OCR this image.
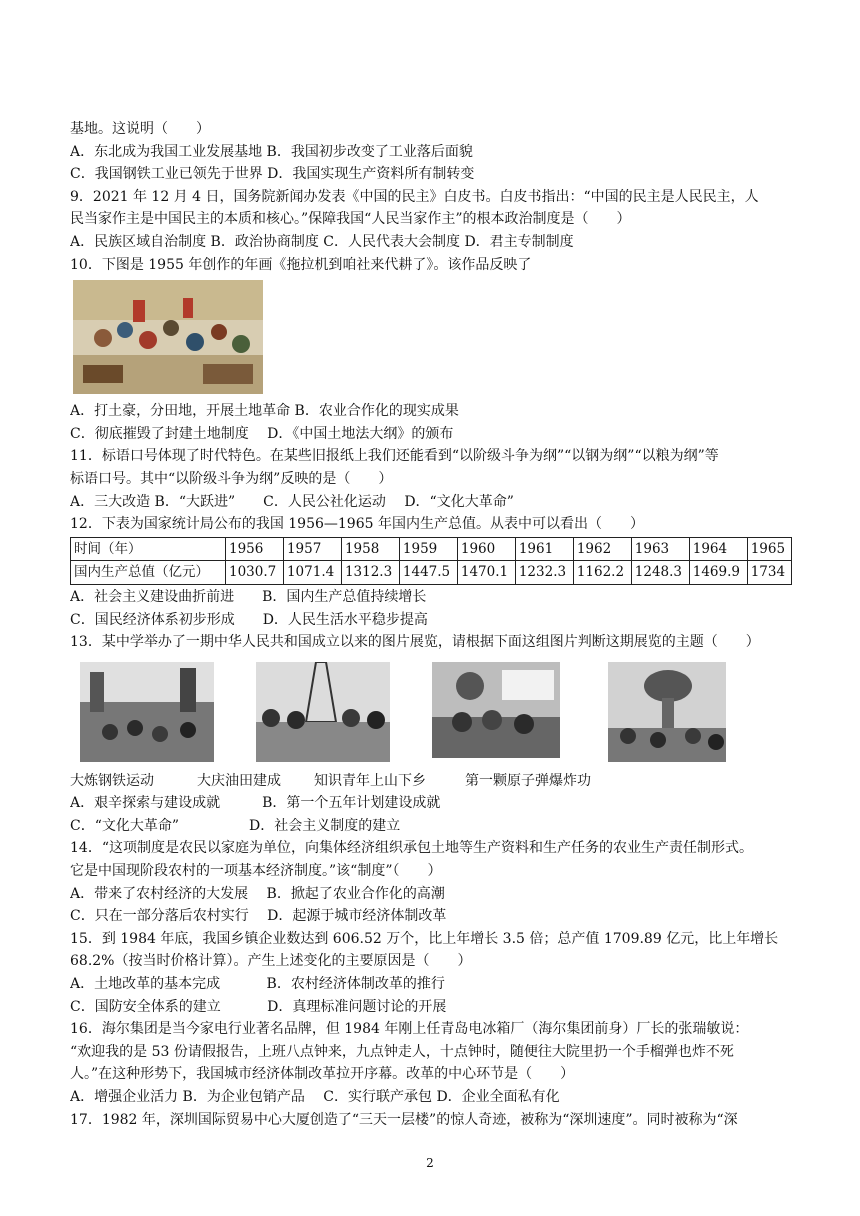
基地。这说明（　　）
A．东北成为我国工业发展基地 B．我国初步改变了工业落后面貌
C．我国钢铁工业已领先于世界 D．我国实现生产资料所有制转变
9．2021 年 12 月 4 日，国务院新闻办发表《中国的民主》白皮书。白皮书指出：“中国的民主是人民民主，人
民当家作主是中国民主的本质和核心。”保障我国“人民当家作主”的根本政治制度是（　　）
A．民族区域自治制度 B．政治协商制度 C．人民代表大会制度 D．君主专制制度
10．下图是 1955 年创作的年画《拖拉机到咱社来代耕了》。该作品反映了
A．打土豪，分田地，开展土地革命 B．农业合作化的现实成果
C．彻底摧毁了封建土地制度　 D．《中国土地法大纲》的颁布
11．标语口号体现了时代特色。在某些旧报纸上我们还能看到“以阶级斗争为纲”“以钢为纲”“以粮为纲”等
标语口号。其中“以阶级斗争为纲”反映的是（　　）
A．三大改造 B．“大跃进”　　C．人民公社化运动　 D．“文化大革命”
12．下表为国家统计局公布的我国 1956—1965 年国内生产总值。从表中可以看出（　　）
时间（年）	1956	1957	1958	1959	1960	1961	1962	1963	1964	1965
国内生产总值（亿元）	1030.7	1071.4	1312.3	1447.5	1470.1	1232.3	1162.2	1248.3	1469.9	1734
A．社会主义建设曲折前进　　B．国内生产总值持续增长
C．国民经济体系初步形成　　D．人民生活水平稳步提高
13．某中学举办了一期中华人民共和国成立以来的图片展览，请根据下面这组图片判断这期展览的主题（　　）
大炼钢铁运动	大庆油田建成 知识青年上山下乡	第一颗原子弹爆炸功
A．艰辛探索与建设成就　　　B．第一个五年计划建设成就
C．“文化大革命”　　　　　D．社会主义制度的建立
14．“这项制度是农民以家庭为单位，向集体经济组织承包土地等生产资料和生产任务的农业生产责任制形式。
它是中国现阶段农村的一项基本经济制度。”该“制度”（　　）
A．带来了农村经济的大发展　 B．掀起了农业合作化的高潮
C．只在一部分落后农村实行　 D．起源于城市经济体制改革
15．到 1984 年底，我国乡镇企业数达到 606.52 万个，比上年增长 3.5 倍；总产值 1709.89 亿元，比上年增长
68.2%（按当时价格计算）。产生上述变化的主要原因是（　　）
A．土地改革的基本完成　　　 B．农村经济体制改革的推行
C．国防安全体系的建立　　　 D．真理标准问题讨论的开展
16．海尔集团是当今家电行业著名品牌，但 1984 年刚上任青岛电冰箱厂（海尔集团前身）厂长的张瑞敏说：
“欢迎我的是 53 份请假报告，上班八点钟来，九点钟走人，十点钟时，随便往大院里扔一个手榴弹也炸不死
人。”在这种形势下，我国城市经济体制改革拉开序幕。改革的中心环节是（　　）
A．增强企业活力 B．为企业包销产品　 C．实行联产承包 D．企业全面私有化
17．1982 年，深圳国际贸易中心大厦创造了“三天一层楼”的惊人奇迹，被称为“深圳速度”。同时被称为“深
2
